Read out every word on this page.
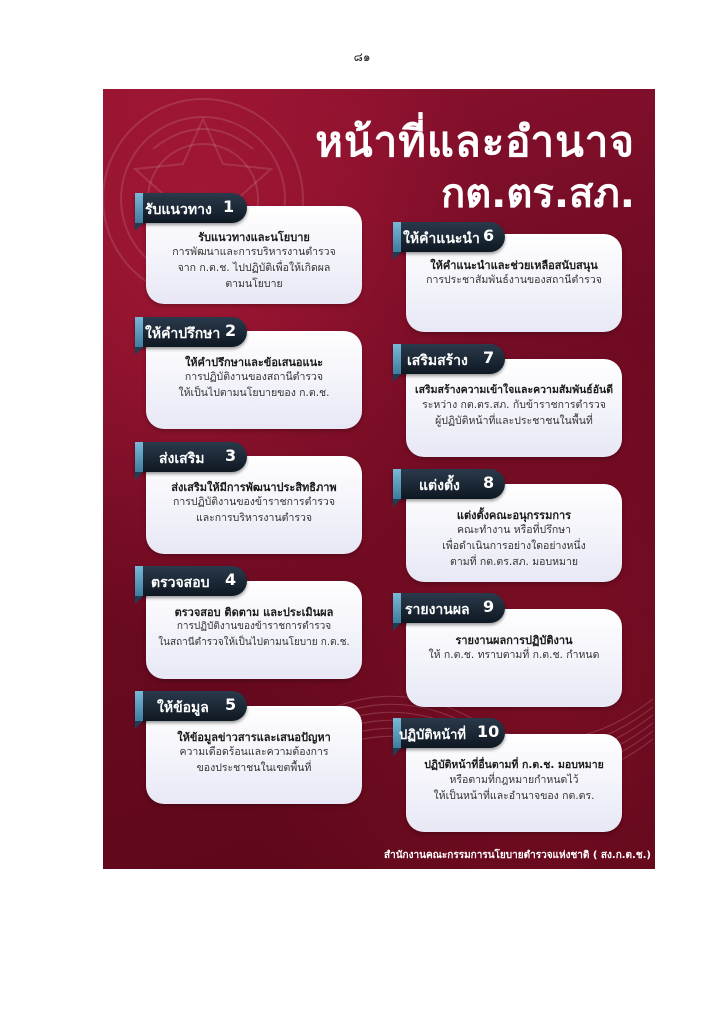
๘๑
หน้าที่และอำนาจ
กต.ตร.สภ.
รับแนวทางและนโยบาย
การพัฒนาและการบริหารงานตำรวจ
จาก ก.ต.ช. ไปปฏิบัติเพื่อให้เกิดผล
ตามนโยบาย
รับแนวทาง 1
ให้คำปรึกษาและข้อเสนอแนะ
การปฏิบัติงานของสถานีตำรวจ
ให้เป็นไปตามนโยบายของ ก.ต.ช.
ให้คำปรึกษา 2
ส่งเสริมให้มีการพัฒนาประสิทธิภาพ
การปฏิบัติงานของข้าราชการตำรวจ
และการบริหารงานตำรวจ
ส่งเสริม 3
ตรวจสอบ ติดตาม และประเมินผล
การปฏิบัติงานของข้าราชการตำรวจ
ในสถานีตำรวจให้เป็นไปตามนโยบาย ก.ต.ช.
ตรวจสอบ 4
ให้ข้อมูลข่าวสารและเสนอปัญหา
ความเดือดร้อนและความต้องการ
ของประชาชนในเขตพื้นที่
ให้ข้อมูล 5
ให้คำแนะนำและช่วยเหลือสนับสนุน
การประชาสัมพันธ์งานของสถานีตำรวจ
ให้คำแนะนำ 6
เสริมสร้างความเข้าใจและความสัมพันธ์อันดี
ระหว่าง กต.ตร.สภ. กับข้าราชการตำรวจ
ผู้ปฏิบัติหน้าที่และประชาชนในพื้นที่
เสริมสร้าง 7
แต่งตั้งคณะอนุกรรมการ
คณะทำงาน หรือที่ปรึกษา
เพื่อดำเนินการอย่างใดอย่างหนึ่ง
ตามที่ กต.ตร.สภ. มอบหมาย
แต่งตั้ง 8
รายงานผลการปฏิบัติงาน
ให้ ก.ต.ช. ทราบตามที่ ก.ต.ช. กำหนด
รายงานผล 9
ปฏิบัติหน้าที่อื่นตามที่ ก.ต.ช. มอบหมาย
หรือตามที่กฎหมายกำหนดไว้
ให้เป็นหน้าที่และอำนาจของ กต.ตร.
ปฏิบัติหน้าที่ 10
สำนักงานคณะกรรมการนโยบายตำรวจแห่งชาติ ( สง.ก.ต.ช.)
